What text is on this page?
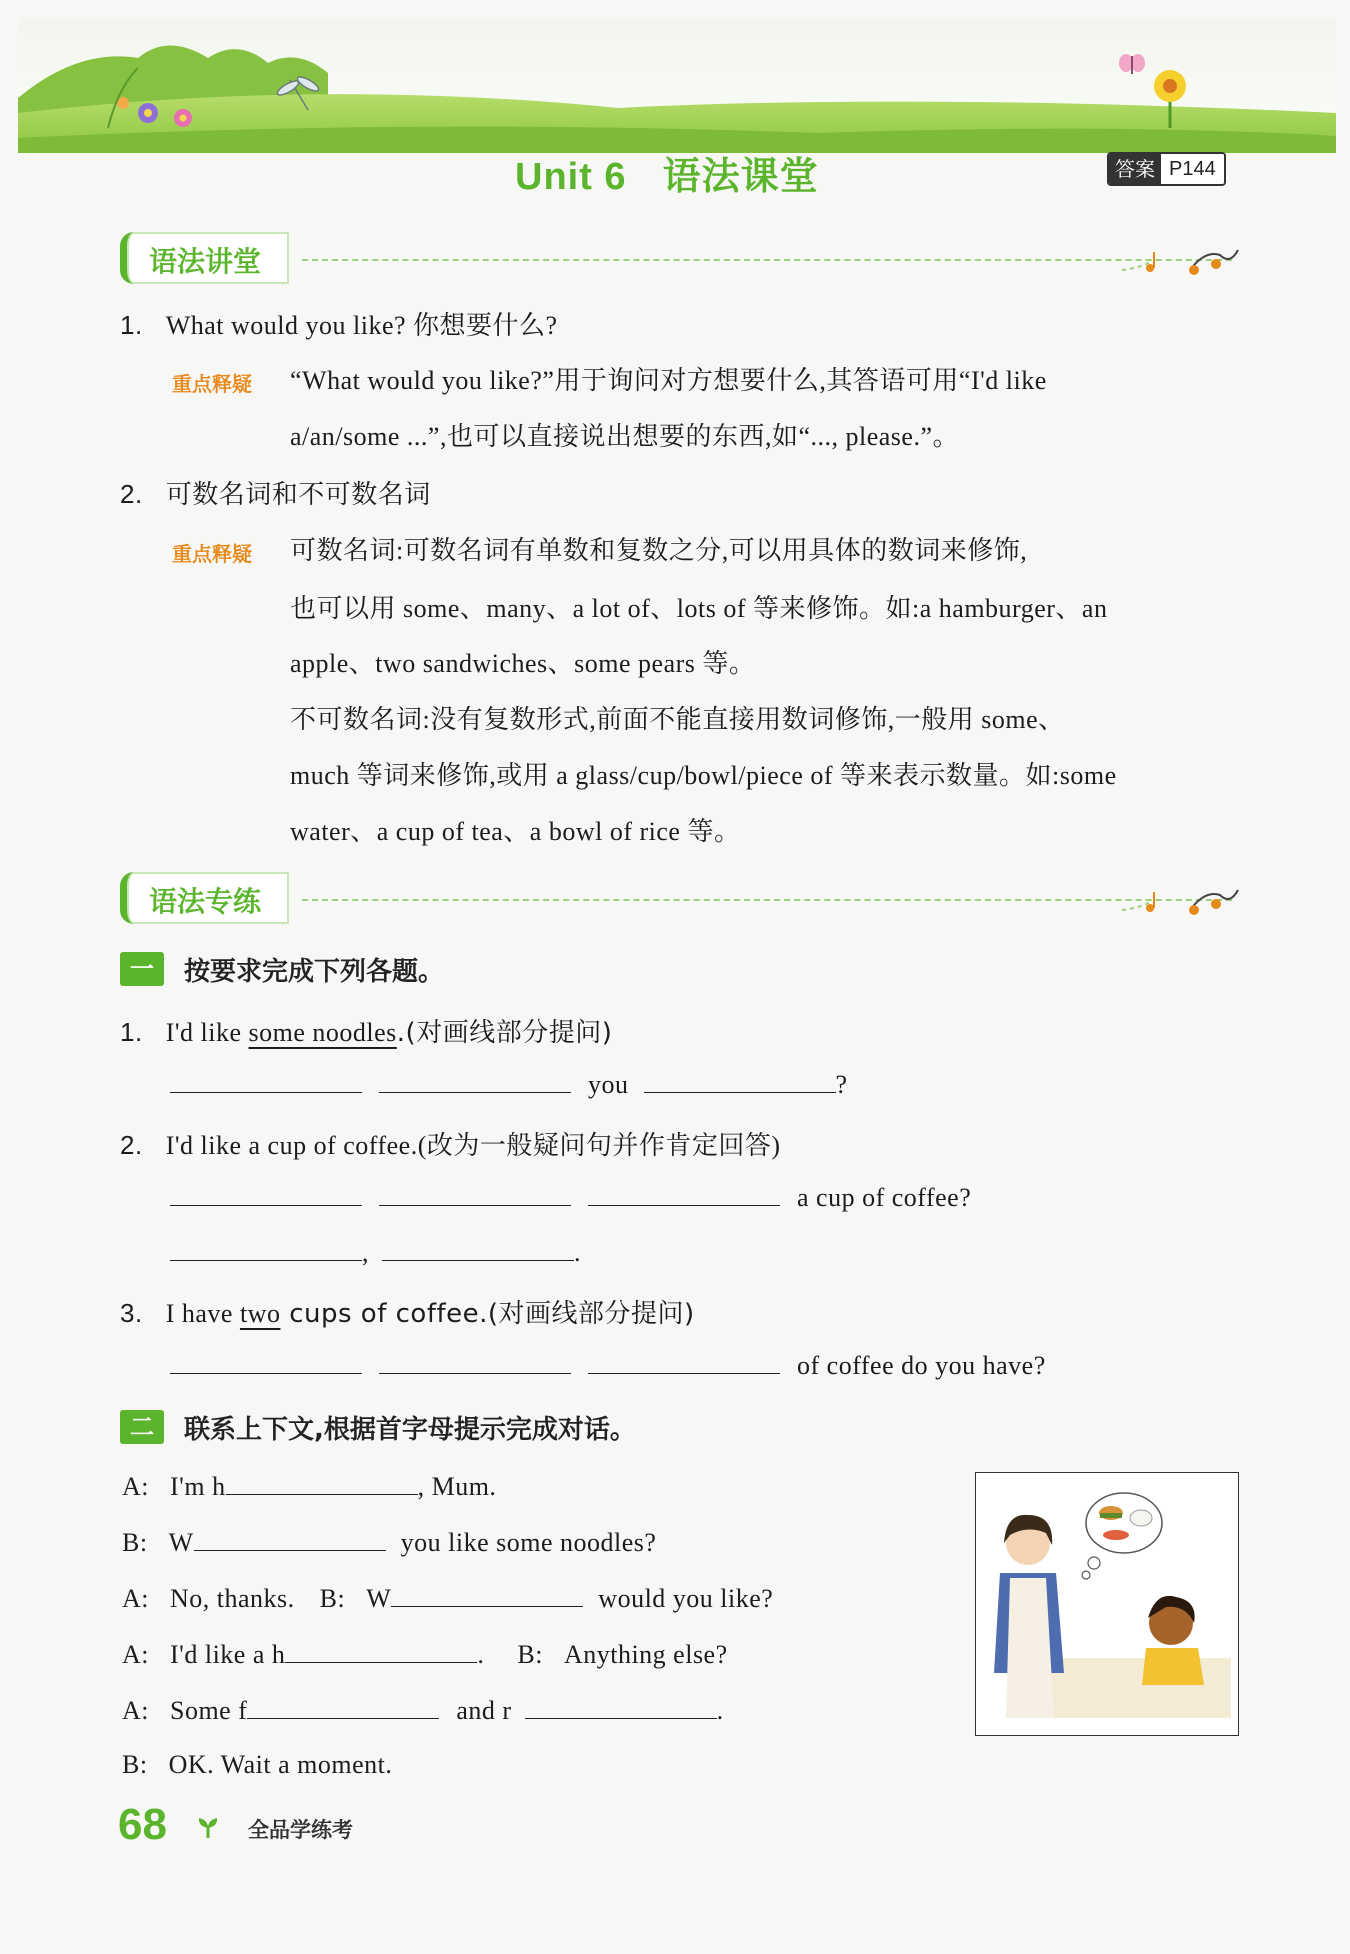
Unit 6 语法课堂	答案 P144
语法讲堂
1. What would you like? 你想要什么?
重点释疑 “What would you like?”用于询问对方想要什么,其答语可用“I'd like
a/an/some ...”,也可以直接说出想要的东西,如“..., please.”。
2. 可数名词和不可数名词
重点释疑 可数名词:可数名词有单数和复数之分,可以用具体的数词来修饰,
也可以用 some、many、a lot of、lots of 等来修饰。如:a hamburger、an
apple、two sandwiches、some pears 等。
不可数名词:没有复数形式,前面不能直接用数词修饰,一般用 some、
much 等词来修饰,或用 a glass/cup/bowl/piece of 等来表示数量。如:some
water、a cup of tea、a bowl of rice 等。
语法专练
一	按要求完成下列各题。
1. I'd like some noodles.(对画线部分提问)
you	?
2. I'd like a cup of coffee.(改为一般疑问句并作肯定回答)
a cup of coffee?
,	.
3. I have two cups of coffee.(对画线部分提问)
of coffee do you have?
二	联系上下文,根据首字母提示完成对话。
A: I'm h	, Mum.
B: W	you like some noodles?
A: No, thanks. B: W	would you like?
A: I'd like a h	. B: Anything else?
A: Some f	and r	.
B: OK. Wait a moment.
68	全品学练考
